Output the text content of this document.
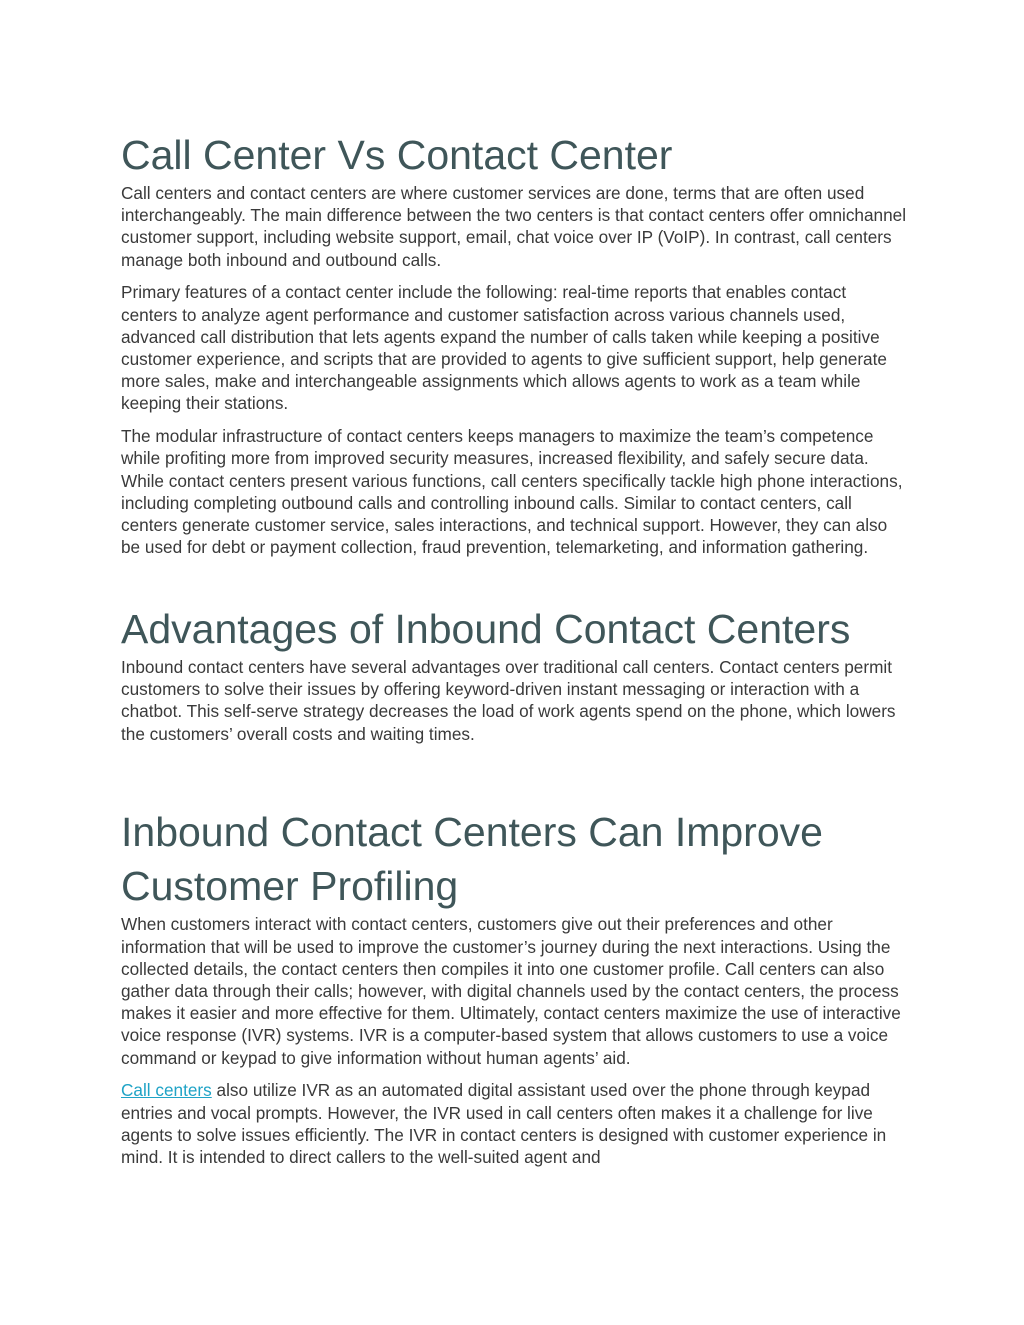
Call Center Vs Contact Center

Call centers and contact centers are where customer services are done, terms that are often used interchangeably. The main difference between the two centers is that contact centers offer omnichannel customer support, including website support, email, chat voice over IP (VoIP). In contrast, call centers manage both inbound and outbound calls.

Primary features of a contact center include the following: real-time reports that enables contact centers to analyze agent performance and customer satisfaction across various channels used, advanced call distribution that lets agents expand the number of calls taken while keeping a positive customer experience, and scripts that are provided to agents to give sufficient support, help generate more sales, make and interchangeable assignments which allows agents to work as a team while keeping their stations.

The modular infrastructure of contact centers keeps managers to maximize the team’s competence while profiting more from improved security measures, increased flexibility, and safely secure data. While contact centers present various functions, call centers specifically tackle high phone interactions, including completing outbound calls and controlling inbound calls. Similar to contact centers, call centers generate customer service, sales interactions, and technical support. However, they can also be used for debt or payment collection, fraud prevention, telemarketing, and information gathering.

Advantages of Inbound Contact Centers

Inbound contact centers have several advantages over traditional call centers. Contact centers permit customers to solve their issues by offering keyword-driven instant messaging or interaction with a chatbot. This self-serve strategy decreases the load of work agents spend on the phone, which lowers the customers’ overall costs and waiting times.

Inbound Contact Centers Can Improve Customer Profiling

When customers interact with contact centers, customers give out their preferences and other information that will be used to improve the customer’s journey during the next interactions. Using the collected details, the contact centers then compiles it into one customer profile. Call centers can also gather data through their calls; however, with digital channels used by the contact centers, the process makes it easier and more effective for them. Ultimately, contact centers maximize the use of interactive voice response (IVR) systems. IVR is a computer-based system that allows customers to use a voice command or keypad to give information without human agents’ aid.

Call centers also utilize IVR as an automated digital assistant used over the phone through keypad entries and vocal prompts. However, the IVR used in call centers often makes it a challenge for live agents to solve issues efficiently. The IVR in contact centers is designed with customer experience in mind. It is intended to direct callers to the well-suited agent and
